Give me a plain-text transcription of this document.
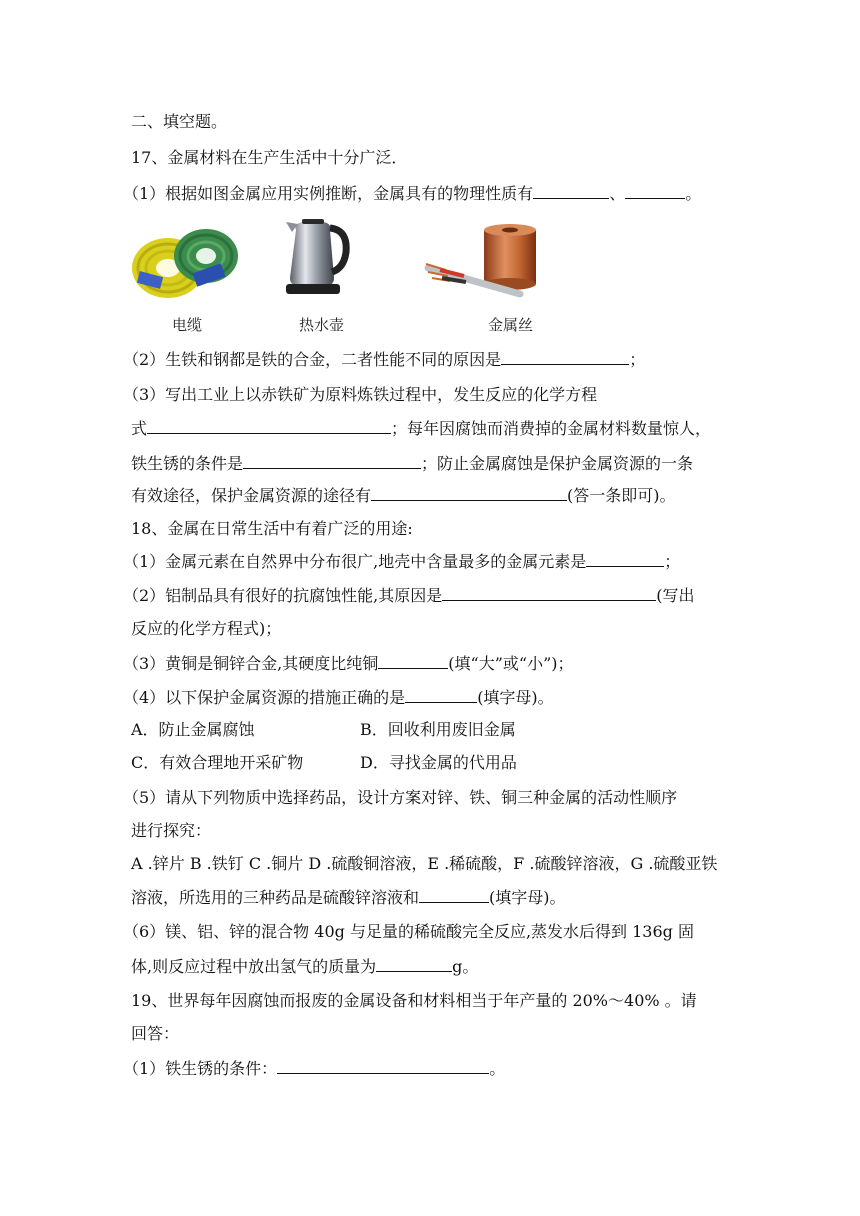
二、填空题。
17、金属材料在生产生活中十分广泛．
（1）根据如图金属应用实例推断，金属具有的物理性质有	、	。
电缆	热水壶	金属丝
（2）生铁和钢都是铁的合金，二者性能不同的原因是	；
（3）写出工业上以赤铁矿为原料炼铁过程中，发生反应的化学方程
式	；每年因腐蚀而消费掉的金属材料数量惊人，
铁生锈的条件是	；防止金属腐蚀是保护金属资源的一条
有效途径，保护金属资源的途径有	(答一条即可)。
18、金属在日常生活中有着广泛的用途:
（1）金属元素在自然界中分布很广,地壳中含量最多的金属元素是	；
（2）铝制品具有很好的抗腐蚀性能,其原因是	(写出
反应的化学方程式)；
（3）黄铜是铜锌合金,其硬度比纯铜	(填“大”或“小”)；
（4）以下保护金属资源的措施正确的是	(填字母)。
A．防止金属腐蚀	B．回收利用废旧金属
C．有效合理地开采矿物	D．寻找金属的代用品
（5）请从下列物质中选择药品，设计方案对锌、铁、铜三种金属的活动性顺序
进行探究：
A .锌片 B .铁钉 C .铜片 D .硫酸铜溶液，E .稀硫酸，F .硫酸锌溶液，G .硫酸亚铁
溶液，所选用的三种药品是硫酸锌溶液和	(填字母)。
（6）镁、铝、锌的混合物 40g 与足量的稀硫酸完全反应,蒸发水后得到 136g 固
体,则反应过程中放出氢气的质量为	g。
19、世界每年因腐蚀而报废的金属设备和材料相当于年产量的 20%～40% 。请
回答：
（1）铁生锈的条件：	。
